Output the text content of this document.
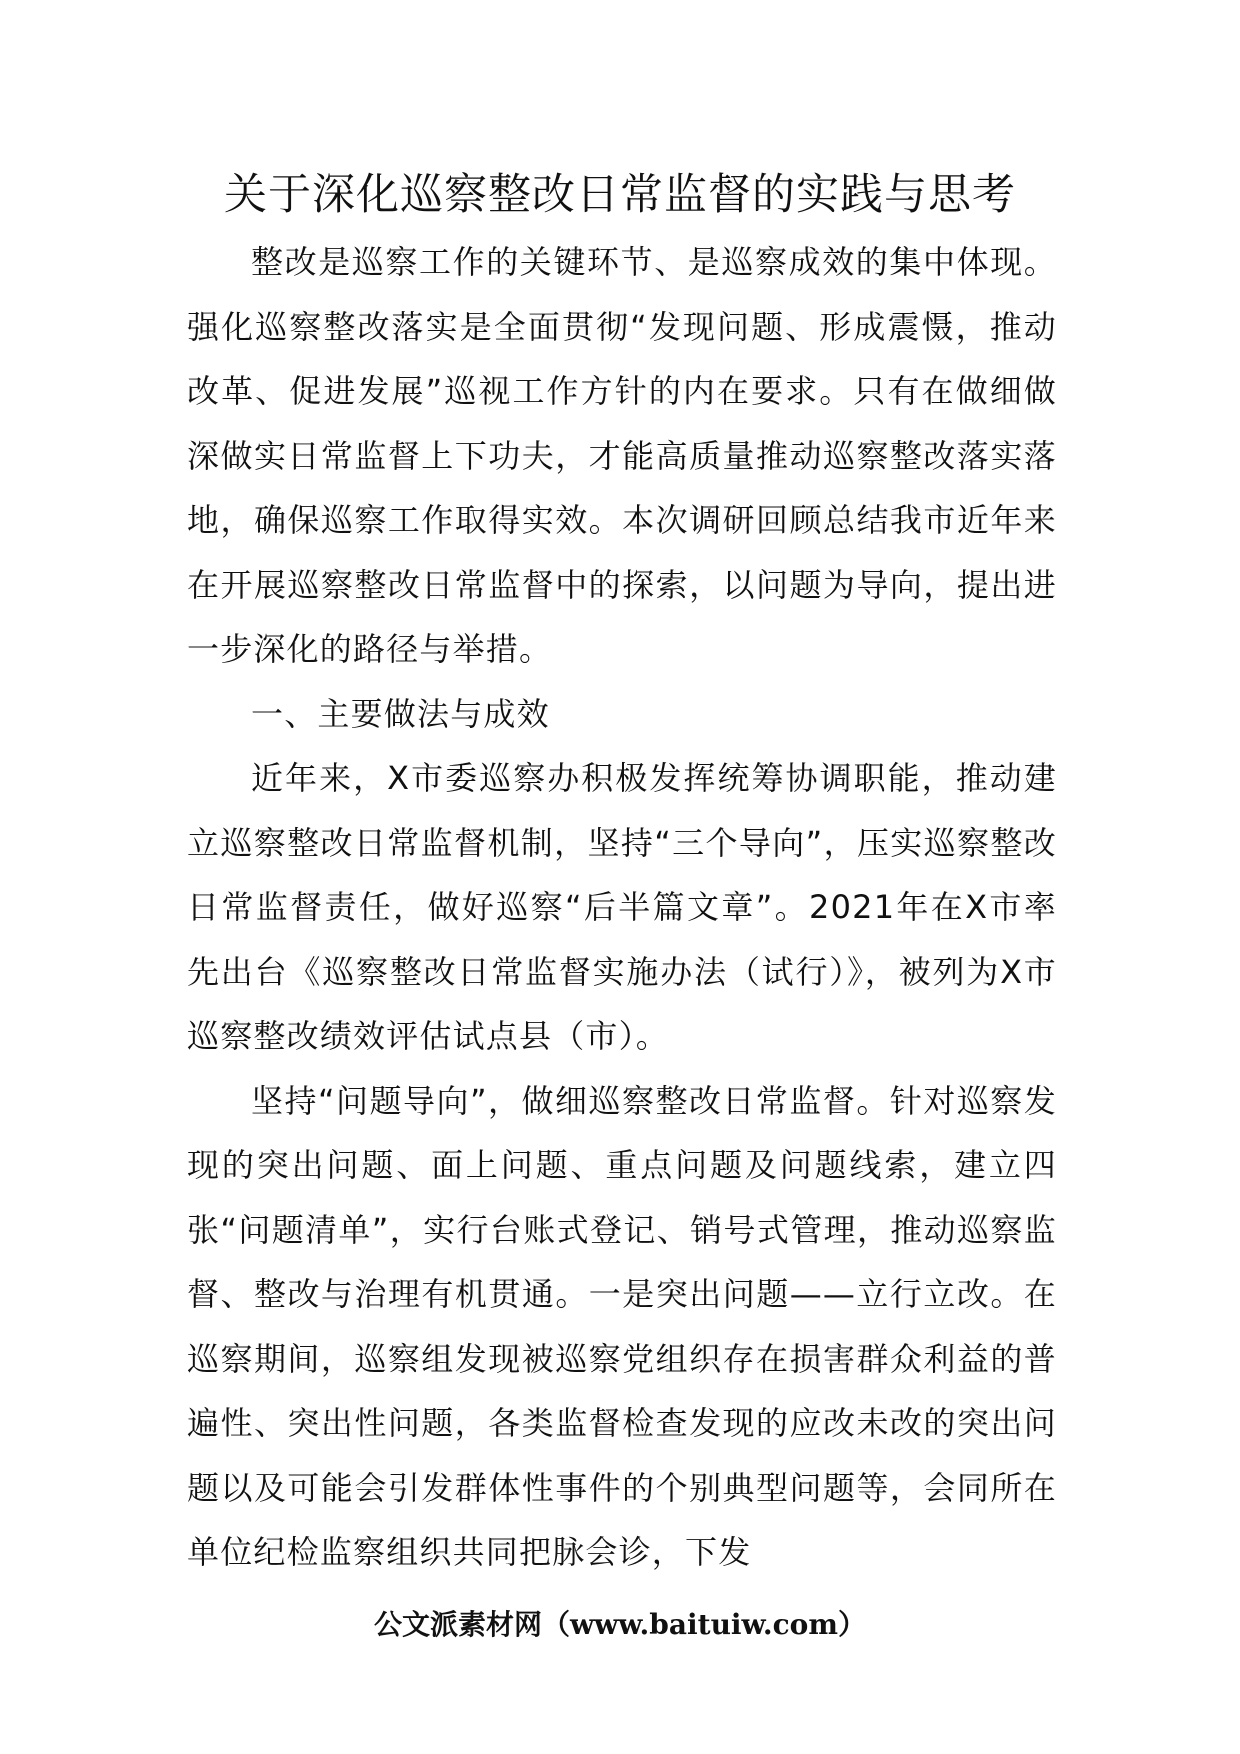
关于深化巡察整改日常监督的实践与思考

整改是巡察工作的关键环节、是巡察成效的集中体现。强化巡察整改落实是全面贯彻“发现问题、形成震慑，推动改革、促进发展”巡视工作方针的内在要求。只有在做细做深做实日常监督上下功夫，才能高质量推动巡察整改落实落地，确保巡察工作取得实效。本次调研回顾总结我市近年来在开展巡察整改日常监督中的探索，以问题为导向，提出进一步深化的路径与举措。

一、主要做法与成效

近年来，X市委巡察办积极发挥统筹协调职能，推动建立巡察整改日常监督机制，坚持“三个导向”，压实巡察整改日常监督责任，做好巡察“后半篇文章”。2021年在X市率先出台《巡察整改日常监督实施办法（试行）》，被列为X市巡察整改绩效评估试点县（市）。

坚持“问题导向”，做细巡察整改日常监督。针对巡察发现的突出问题、面上问题、重点问题及问题线索，建立四张“问题清单”，实行台账式登记、销号式管理，推动巡察监督、整改与治理有机贯通。一是突出问题——立行立改。在巡察期间，巡察组发现被巡察党组织存在损害群众利益的普遍性、突出性问题，各类监督检查发现的应改未改的突出问题以及可能会引发群体性事件的个别典型问题等，会同所在单位纪检监察组织共同把脉会诊，下发

公文派素材网（www.baituiw.com）
